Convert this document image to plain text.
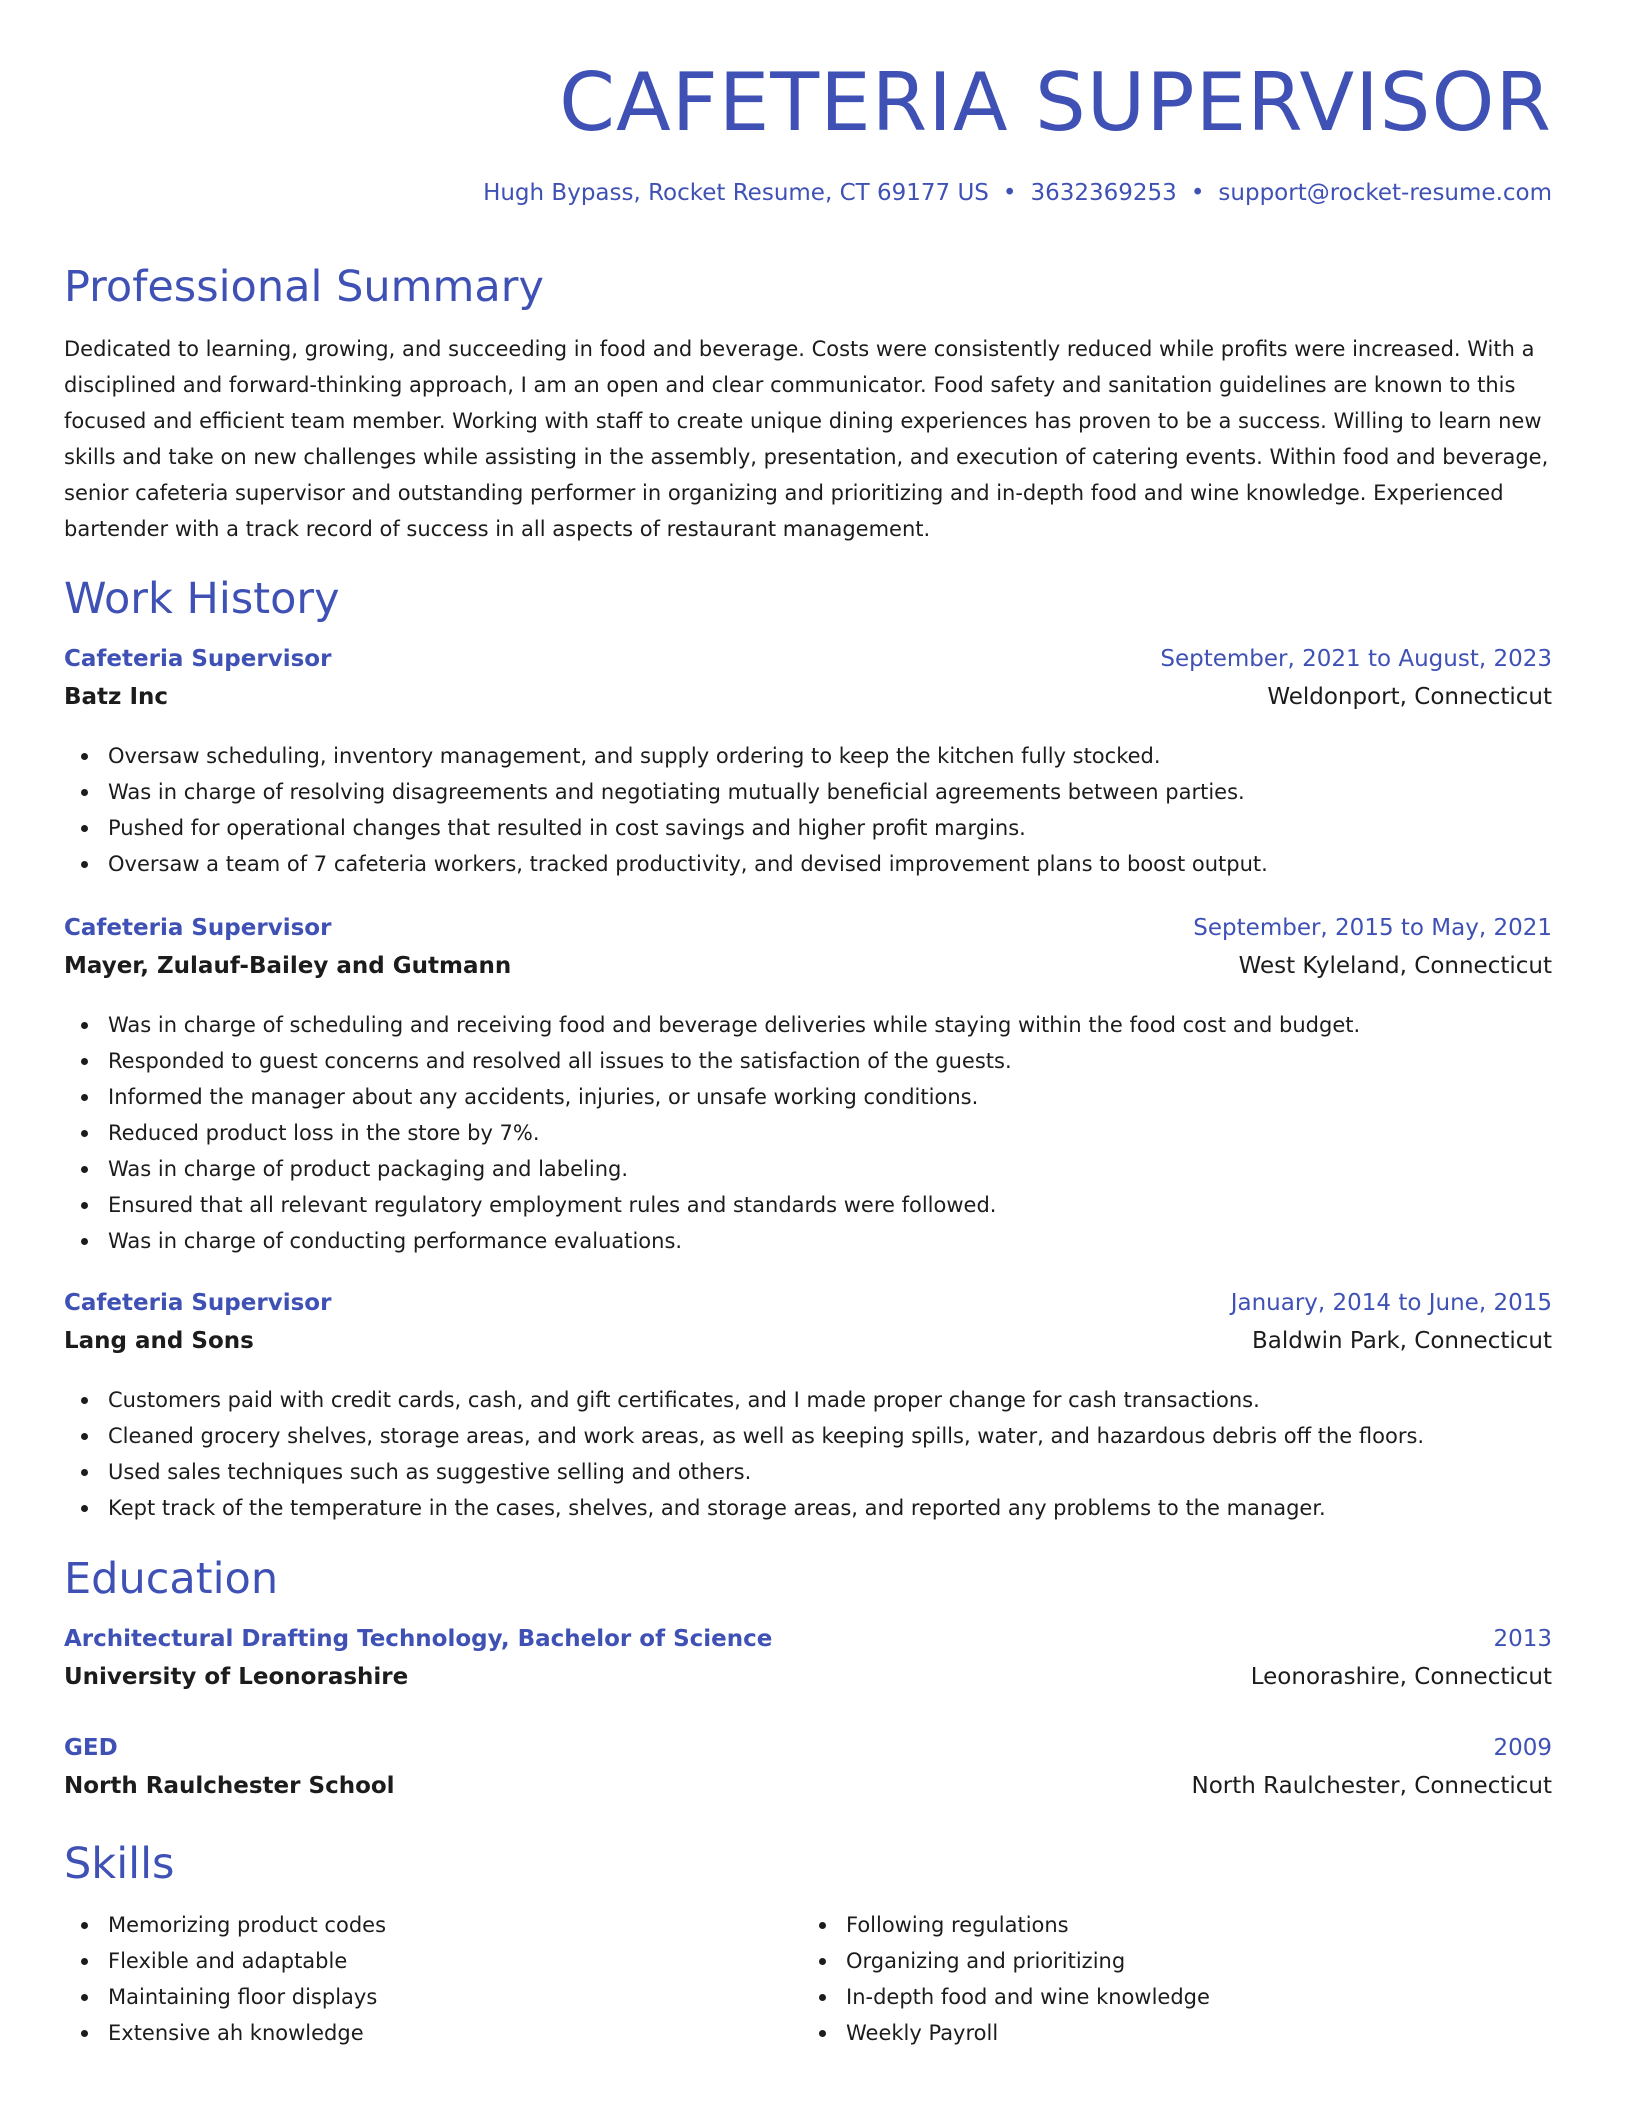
CAFETERIA SUPERVISOR
Hugh Bypass, Rocket Resume, CT 69177 US • 3632369253 • support@rocket-resume.com
Professional Summary

Dedicated to learning, growing, and succeeding in food and beverage. Costs were consistently reduced while profits were increased. With a disciplined and forward-thinking approach, I am an open and clear communicator. Food safety and sanitation guidelines are known to this focused and efficient team member. Working with staff to create unique dining experiences has proven to be a success. Willing to learn new skills and take on new challenges while assisting in the assembly, presentation, and execution of catering events. Within food and beverage, senior cafeteria supervisor and outstanding performer in organizing and prioritizing and in-depth food and wine knowledge. Experienced bartender with a track record of success in all aspects of restaurant management.

Work History
Cafeteria Supervisor	September, 2021 to August, 2023
Batz Inc	Weldonport, Connecticut
Oversaw scheduling, inventory management, and supply ordering to keep the kitchen fully stocked.
Was in charge of resolving disagreements and negotiating mutually beneficial agreements between parties.
Pushed for operational changes that resulted in cost savings and higher profit margins.
Oversaw a team of 7 cafeteria workers, tracked productivity, and devised improvement plans to boost output.
Cafeteria Supervisor	September, 2015 to May, 2021
Mayer, Zulauf-Bailey and Gutmann	West Kyleland, Connecticut
Was in charge of scheduling and receiving food and beverage deliveries while staying within the food cost and budget.
Responded to guest concerns and resolved all issues to the satisfaction of the guests.
Informed the manager about any accidents, injuries, or unsafe working conditions.
Reduced product loss in the store by 7%.
Was in charge of product packaging and labeling.
Ensured that all relevant regulatory employment rules and standards were followed.
Was in charge of conducting performance evaluations.
Cafeteria Supervisor	January, 2014 to June, 2015
Lang and Sons	Baldwin Park, Connecticut
Customers paid with credit cards, cash, and gift certificates, and I made proper change for cash transactions.
Cleaned grocery shelves, storage areas, and work areas, as well as keeping spills, water, and hazardous debris off the floors.
Used sales techniques such as suggestive selling and others.
Kept track of the temperature in the cases, shelves, and storage areas, and reported any problems to the manager.
Education
Architectural Drafting Technology, Bachelor of Science	2013
University of Leonorashire	Leonorashire, Connecticut
GED	2009
North Raulchester School	North Raulchester, Connecticut
Skills
Memorizing product codes
Flexible and adaptable
Maintaining floor displays
Extensive ah knowledge
Following regulations
Organizing and prioritizing
In-depth food and wine knowledge
Weekly Payroll
